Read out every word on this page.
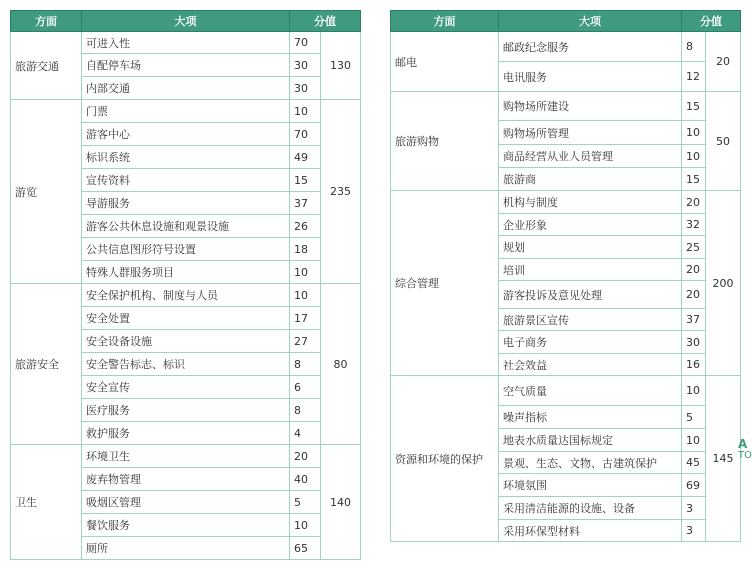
方面	大项	分值	
旅游交通	可进入性	70	130
	自配停车场	30	
	内部交通	30	
游览	门票	10	235
	游客中心	70	
	标识系统	49	
	宣传资料	15	
	导游服务	37	
	游客公共休息设施和观景设施	26	
	公共信息图形符号设置	18	
	特殊人群服务项目	10	
旅游安全	安全保护机构、制度与人员	10	80
	安全处置	17	
	安全设备设施	27	
	安全警告标志、标识	8	
	安全宣传	6	
	医疗服务	8	
	救护服务	4	
卫生	环境卫生	20	140
	废弃物管理	40	
	吸烟区管理	5	
	餐饮服务	10	
	厕所	65	
方面	大项	分值	
邮电	邮政纪念服务	8	20
	电讯服务	12	
旅游购物	购物场所建设	15	50
	购物场所管理	10	
	商品经营从业人员管理	10	
	旅游商	15	
综合管理	机构与制度	20	200
	企业形象	32	
	规划	25	
	培训	20	
	游客投诉及意见处理	20	
	旅游景区宣传	37	
	电子商务	30	
	社会效益	16	
资源和环境的保护	空气质量	10	145
	噪声指标	5	
	地表水质量达国标规定	10	
	景观、生态、文物、古建筑保护	45	
	环境氛围	69	
	采用清洁能源的设施、设备	3	
	采用环保型材料	3	
A
TO
